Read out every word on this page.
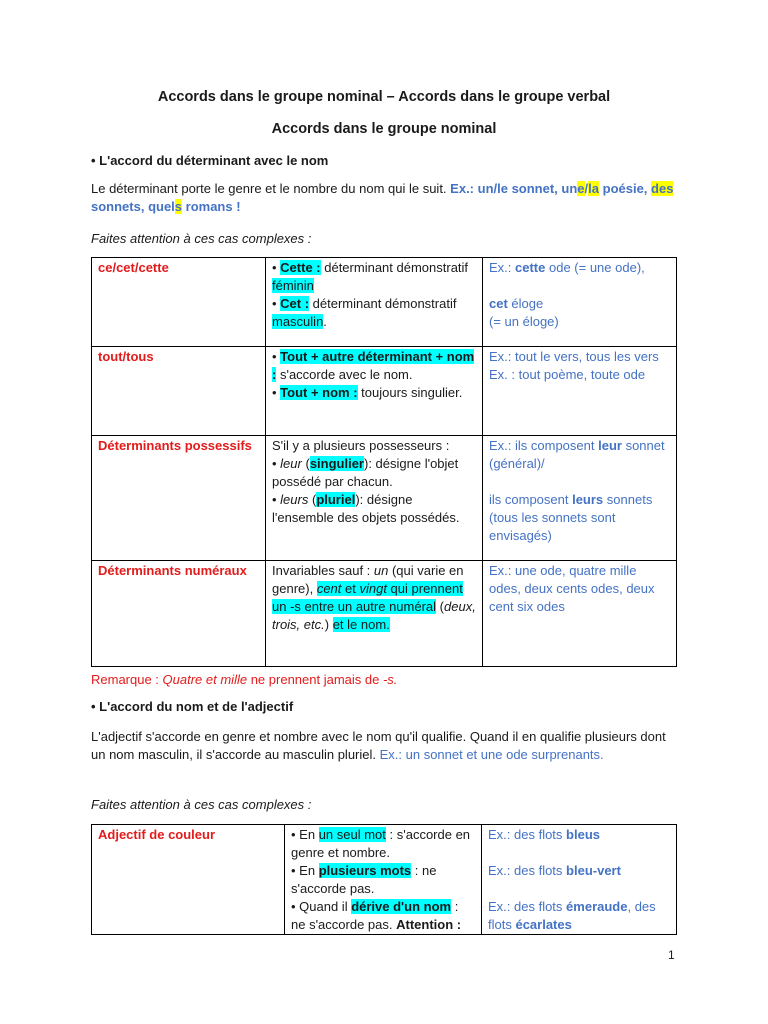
Accords dans le groupe nominal – Accords dans le groupe verbal
Accords dans le groupe nominal
• L'accord du déterminant avec le nom
Le déterminant porte le genre et le nombre du nom qui le suit. Ex.: un/le sonnet, une/la poésie, des sonnets, quels romans !
Faites attention à ces cas complexes :
ce/cet/cette	• Cette : déterminant démonstratif féminin
• Cet : déterminant démonstratif masculin.	Ex.: cette ode (= une ode),

cet éloge
(= un éloge)
tout/tous	• Tout + autre déterminant + nom : s'accorde avec le nom.
• Tout + nom : toujours singulier.	Ex.: tout le vers, tous les vers
Ex. : tout poème, toute ode
Déterminants possessifs	S'il y a plusieurs possesseurs :
• leur (singulier): désigne l'objet possédé par chacun.
• leurs (pluriel): désigne l'ensemble des objets possédés.	Ex.: ils composent leur sonnet (général)/

ils composent leurs sonnets (tous les sonnets sont envisagés)
Déterminants numéraux	Invariables sauf : un (qui varie en genre), cent et vingt qui prennent un -s entre un autre numéral (deux, trois, etc.) et le nom.	Ex.: une ode, quatre mille odes, deux cents odes, deux cent six odes
Remarque : Quatre et mille ne prennent jamais de -s.
• L'accord du nom et de l'adjectif
L'adjectif s'accorde en genre et nombre avec le nom qu'il qualifie. Quand il en qualifie plusieurs dont un nom masculin, il s'accorde au masculin pluriel. Ex.: un sonnet et une ode surprenants.
Faites attention à ces cas complexes :
Adjectif de couleur	• En un seul mot : s'accorde en genre et nombre.
• En plusieurs mots : ne s'accorde pas.
• Quand il dérive d'un nom : ne s'accorde pas. Attention :	Ex.: des flots bleus

Ex.: des flots bleu-vert

Ex.: des flots émeraude, des flots écarlates
1
